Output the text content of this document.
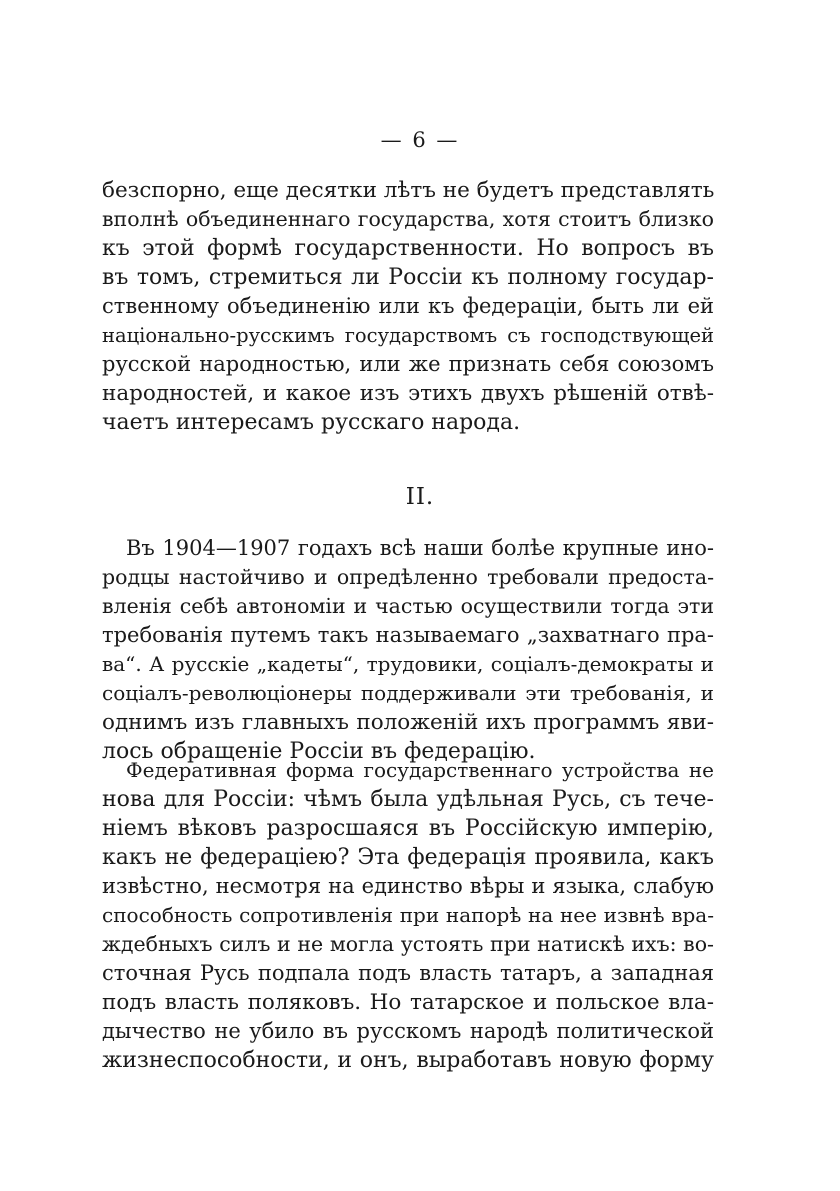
— 6 —
безспорно, еще десятки лѣтъ не будетъ представлять
вполнѣ объединеннаго государства, хотя стоитъ близко
къ этой формѣ государственности. Но вопросъ въ
въ томъ, стремиться ли Россiи къ полному государ-
ственному объединенiю или къ федерацiи, быть ли ей
нацiонально-русскимъ государствомъ съ господствующей
русской народностью, или же признать себя союзомъ
народностей, и какое изъ этихъ двухъ рѣшенiй отвѣ-
чаетъ интересамъ русскаго народа.
II.
Въ 1904—1907 годахъ всѣ наши болѣе крупные ино-
родцы настойчиво и опредѣленно требовали предоста-
вленiя себѣ автономiи и частью осуществили тогда эти
требованiя путемъ такъ называемаго „захватнаго пра-
ва“. А русскiе „кадеты“, трудовики, соцiалъ-демократы и
соцiалъ-революцiонеры поддерживали эти требованiя, и
однимъ изъ главныхъ положенiй ихъ программъ яви-
лось обращенiе Россiи въ федерацiю.
Федеративная форма государственнаго устройства не
нова для Россiи: чѣмъ была удѣльная Русь, съ тече-
нiемъ вѣковъ разросшаяся въ Россiйскую имперiю,
какъ не федерацiею? Эта федерацiя проявила, какъ
извѣстно, несмотря на единство вѣры и языка, слабую
способность сопротивленiя при напорѣ на нее извнѣ вра-
ждебныхъ силъ и не могла устоять при натискѣ ихъ: во-
сточная Русь подпала подъ власть татаръ, а западная
подъ власть поляковъ. Но татарское и польское вла-
дычество не убило въ русскомъ народѣ политической
жизнеспособности, и онъ, выработавъ новую форму
